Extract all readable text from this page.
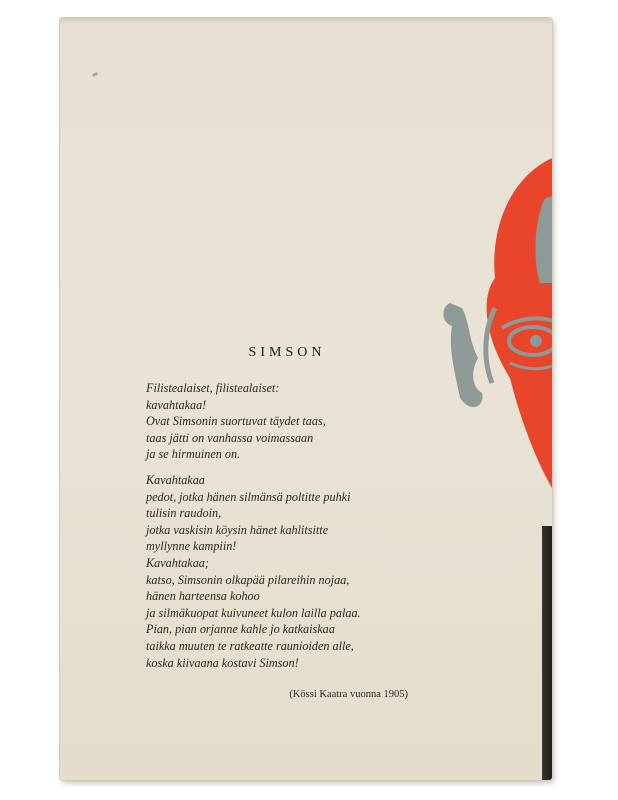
SIMSON
Filistealaiset, filistealaiset:
kavahtakaa!
Ovat Simsonin suortuvat täydet taas,
taas jätti on vanhassa voimassaan
ja se hirmuinen on.
Kavahtakaa
pedot, jotka hänen silmänsä poltitte puhki
tulisin raudoin,
jotka vaskisin köysin hänet kahlitsitte
myllynne kampiin!
Kavahtakaa;
katso, Simsonin olkapää pilareihin nojaa,
hänen harteensa kohoo
ja silmäkuopat kuivuneet kulon lailla palaa.
Pian, pian orjanne kahle jo katkaiskaa
taikka muuten te ratkeatte raunioiden alle,
koska kiivaana kostavi Simson!
(Kössi Kaatra vuonna 1905)
